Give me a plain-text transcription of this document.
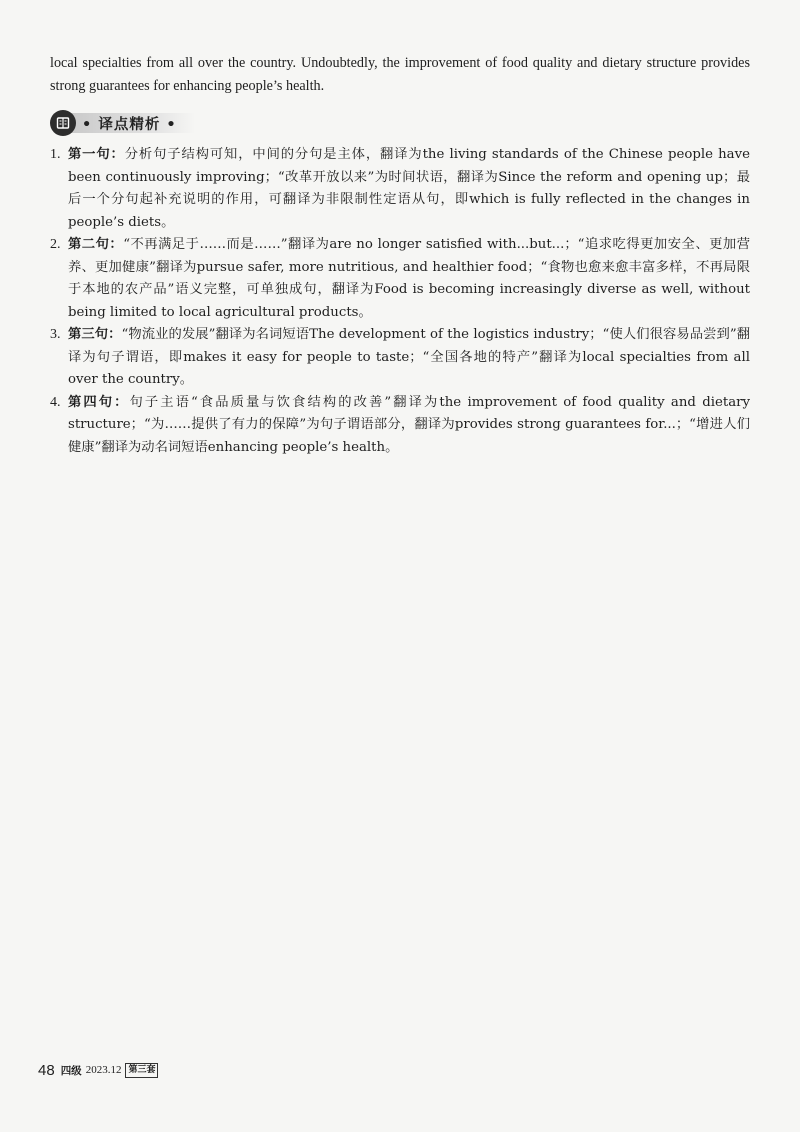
local specialties from all over the country. Undoubtedly, the improvement of food quality and dietary structure provides strong guarantees for enhancing people’s health.

• 译点精析 •
1. 第一句：分析句子结构可知，中间的分句是主体，翻译为the living standards of the Chinese people have been continuously improving；“改革开放以来”为时间状语，翻译为Since the reform and opening up；最后一个分句起补充说明的作用，可翻译为非限制性定语从句，即which is fully reflected in the changes in people’s diets。
2. 第二句：“不再满足于……而是……”翻译为are no longer satisfied with...but...；“追求吃得更加安全、更加营养、更加健康”翻译为pursue safer, more nutritious, and healthier food；“食物也愈来愈丰富多样，不再局限于本地的农产品”语义完整，可单独成句，翻译为Food is becoming increasingly diverse as well, without being limited to local agricultural products。
3. 第三句：“物流业的发展”翻译为名词短语The development of the logistics industry；“使人们很容易品尝到”翻译为句子谓语，即makes it easy for people to taste；“全国各地的特产”翻译为local specialties from all over the country。
4. 第四句：句子主语“食品质量与饮食结构的改善”翻译为the improvement of food quality and dietary structure；“为……提供了有力的保障”为句子谓语部分，翻译为provides strong guarantees for...；“增进人们健康”翻译为动名词短语enhancing people’s health。
48 四级 2023.12 第三套
